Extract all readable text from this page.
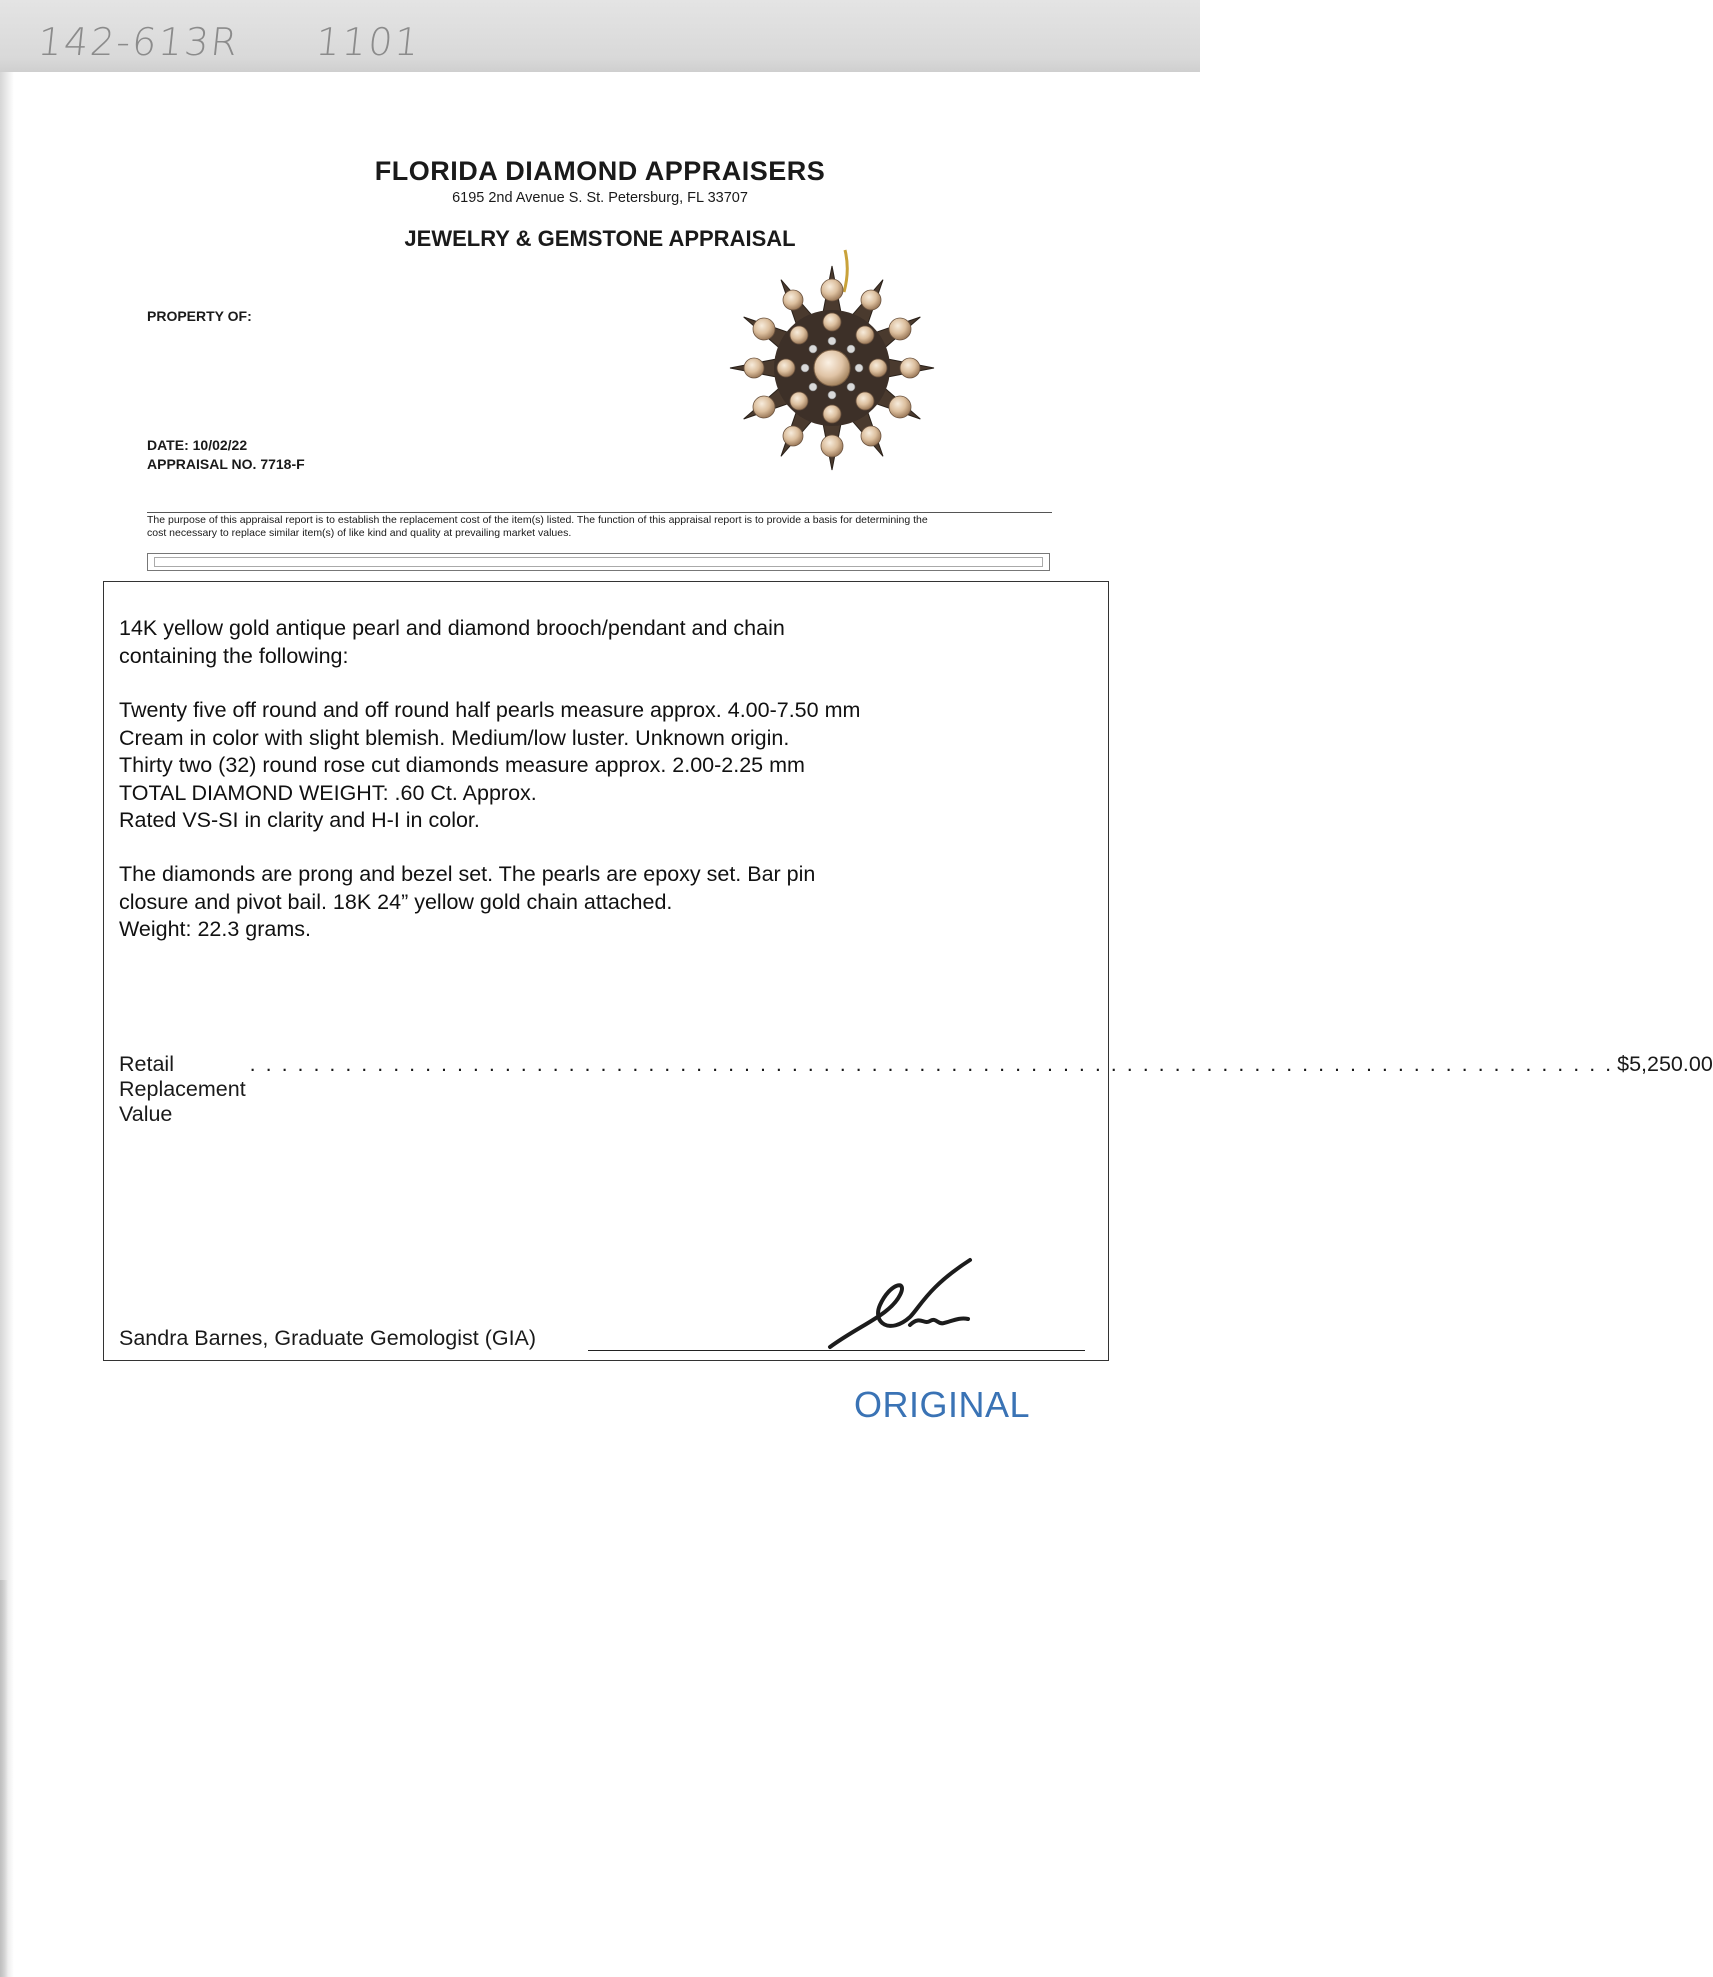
142-613R 1101
FLORIDA DIAMOND APPRAISERS
6195 2nd Avenue S. St. Petersburg, FL 33707
JEWELRY & GEMSTONE APPRAISAL
PROPERTY OF:
DATE: 10/02/22
APPRAISAL NO. 7718-F
The purpose of this appraisal report is to establish the replacement cost of the item(s) listed. The function of this appraisal report is to provide a basis for determining the
cost necessary to replace similar item(s) of like kind and quality at prevailing market values.
14K yellow gold antique pearl and diamond brooch/pendant and chain
containing the following:
Twenty five off round and off round half pearls measure approx. 4.00-7.50 mm
Cream in color with slight blemish. Medium/low luster. Unknown origin.
Thirty two (32) round rose cut diamonds measure approx. 2.00-2.25 mm
TOTAL DIAMOND WEIGHT: .60 Ct. Approx.
Rated VS-SI in clarity and H-I in color.
The diamonds are prong and bezel set. The pearls are epoxy set. Bar pin
closure and pivot bail. 18K 24” yellow gold chain attached.
Weight: 22.3 grams.
Retail Replacement Value
. . . . . . . . . . . . . . . . . . . . . . . . . . . . . . . . . . . . . . . . . . . . . . . . . . . . . . . . . . . . . . . . . . . . . . . . . . . . . . . . . . . . . . $5,250.00
Sandra Barnes, Graduate Gemologist (GIA)
ORIGINAL
